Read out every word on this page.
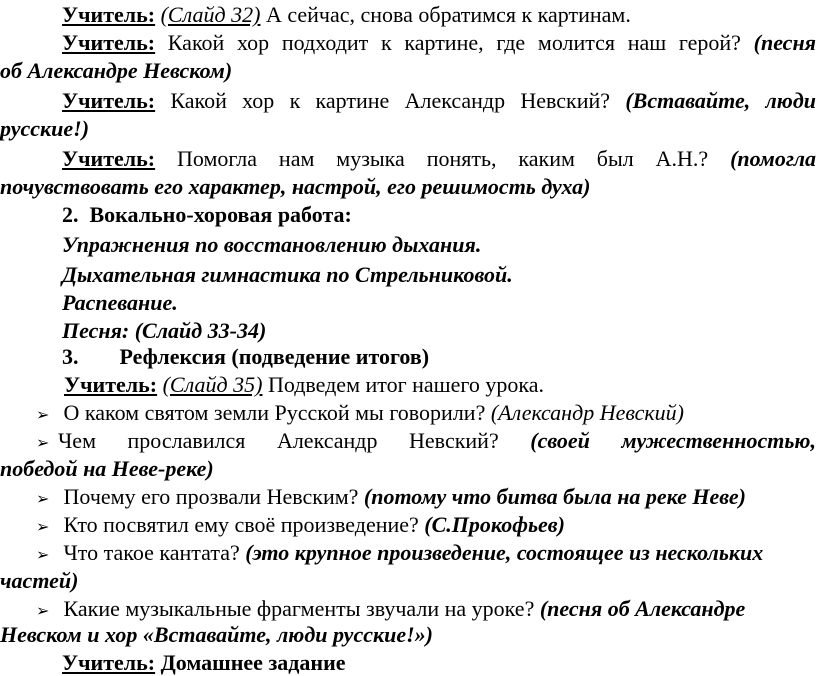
Учитель: (Слайд 32) А сейчас, снова обратимся к картинам.
Учитель: Какой хор подходит к картине, где молится наш герой? (песня
об Александре Невском)
Учитель: Какой хор к картине Александр Невский? (Вставайте, люди
русские!)
Учитель: Помогла нам музыка понять, каким был А.Н.? (помогла
почувствовать его характер, настрой, его решимость духа)
2. Вокально-хоровая работа:
Упражнения по восстановлению дыхания.
Дыхательная гимнастика по Стрельниковой.
Распевание.
Песня: (Слайд 33-34)
3. Рефлексия (подведение итогов)
Учитель: (Слайд 35) Подведем итог нашего урока.
➢ О каком святом земли Русской мы говорили? (Александр Невский)
➢ Чем прославился Александр Невский? (своей мужественностью,
победой на Неве-реке)
➢ Почему его прозвали Невским? (потому что битва была на реке Неве)
➢ Кто посвятил ему своё произведение? (С.Прокофьев)
➢ Что такое кантата? (это крупное произведение, состоящее из нескольких
частей)
➢ Какие музыкальные фрагменты звучали на уроке? (песня об Александре
Невском и хор «Вставайте, люди русские!»)
Учитель: Домашнее задание
